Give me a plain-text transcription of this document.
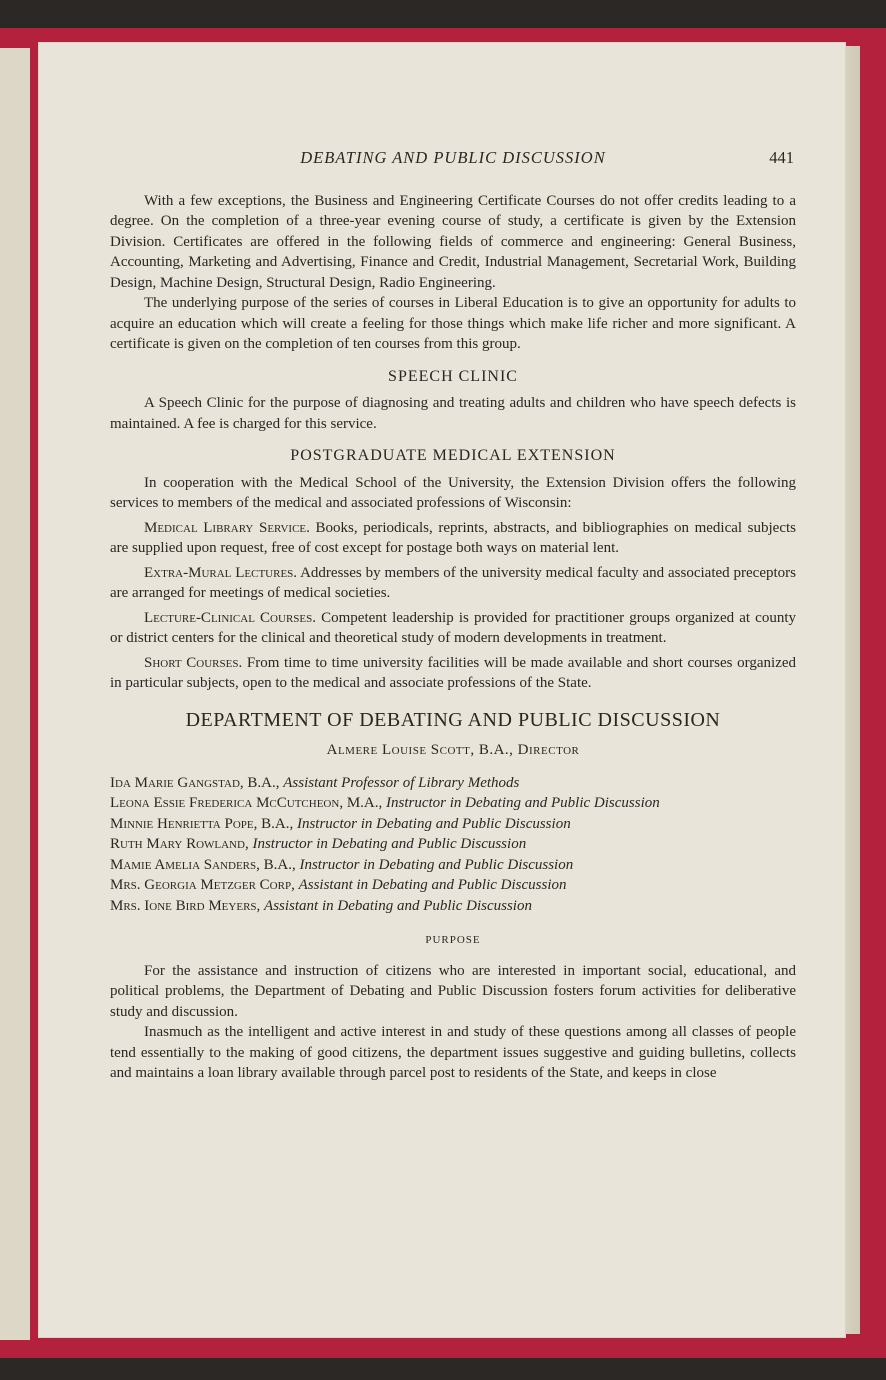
DEBATING AND PUBLIC DISCUSSION	441

With a few exceptions, the Business and Engineering Certificate Courses do not offer credits leading to a degree. On the completion of a three-year evening course of study, a certificate is given by the Extension Division. Certificates are offered in the following fields of commerce and engineering: General Business, Accounting, Marketing and Advertising, Finance and Credit, Industrial Management, Secretarial Work, Building Design, Machine Design, Structural Design, Radio Engineering.

The underlying purpose of the series of courses in Liberal Education is to give an opportunity for adults to acquire an education which will create a feeling for those things which make life richer and more significant. A certificate is given on the completion of ten courses from this group.

SPEECH CLINIC

A Speech Clinic for the purpose of diagnosing and treating adults and children who have speech defects is maintained. A fee is charged for this service.

POSTGRADUATE MEDICAL EXTENSION

In cooperation with the Medical School of the University, the Extension Division offers the following services to members of the medical and associated professions of Wisconsin:

Medical Library Service. Books, periodicals, reprints, abstracts, and bibliographies on medical subjects are supplied upon request, free of cost except for postage both ways on material lent.

Extra-Mural Lectures. Addresses by members of the university medical faculty and associated preceptors are arranged for meetings of medical societies.

Lecture-Clinical Courses. Competent leadership is provided for practitioner groups organized at county or district centers for the clinical and theoretical study of modern developments in treatment.

Short Courses. From time to time university facilities will be made available and short courses organized in particular subjects, open to the medical and associate professions of the State.

DEPARTMENT OF DEBATING AND PUBLIC DISCUSSION
Almere Louise Scott, B.A., Director
Ida Marie Gangstad, B.A., Assistant Professor of Library Methods
Leona Essie Frederica McCutcheon, M.A., Instructor in Debating and Public Discussion
Minnie Henrietta Pope, B.A., Instructor in Debating and Public Discussion
Ruth Mary Rowland, Instructor in Debating and Public Discussion
Mamie Amelia Sanders, B.A., Instructor in Debating and Public Discussion
Mrs. Georgia Metzger Corp, Assistant in Debating and Public Discussion
Mrs. Ione Bird Meyers, Assistant in Debating and Public Discussion
PURPOSE

For the assistance and instruction of citizens who are interested in important social, educational, and political problems, the Department of Debating and Public Discussion fosters forum activities for deliberative study and discussion.

Inasmuch as the intelligent and active interest in and study of these questions among all classes of people tend essentially to the making of good citizens, the department issues suggestive and guiding bulletins, collects and maintains a loan library available through parcel post to residents of the State, and keeps in close
